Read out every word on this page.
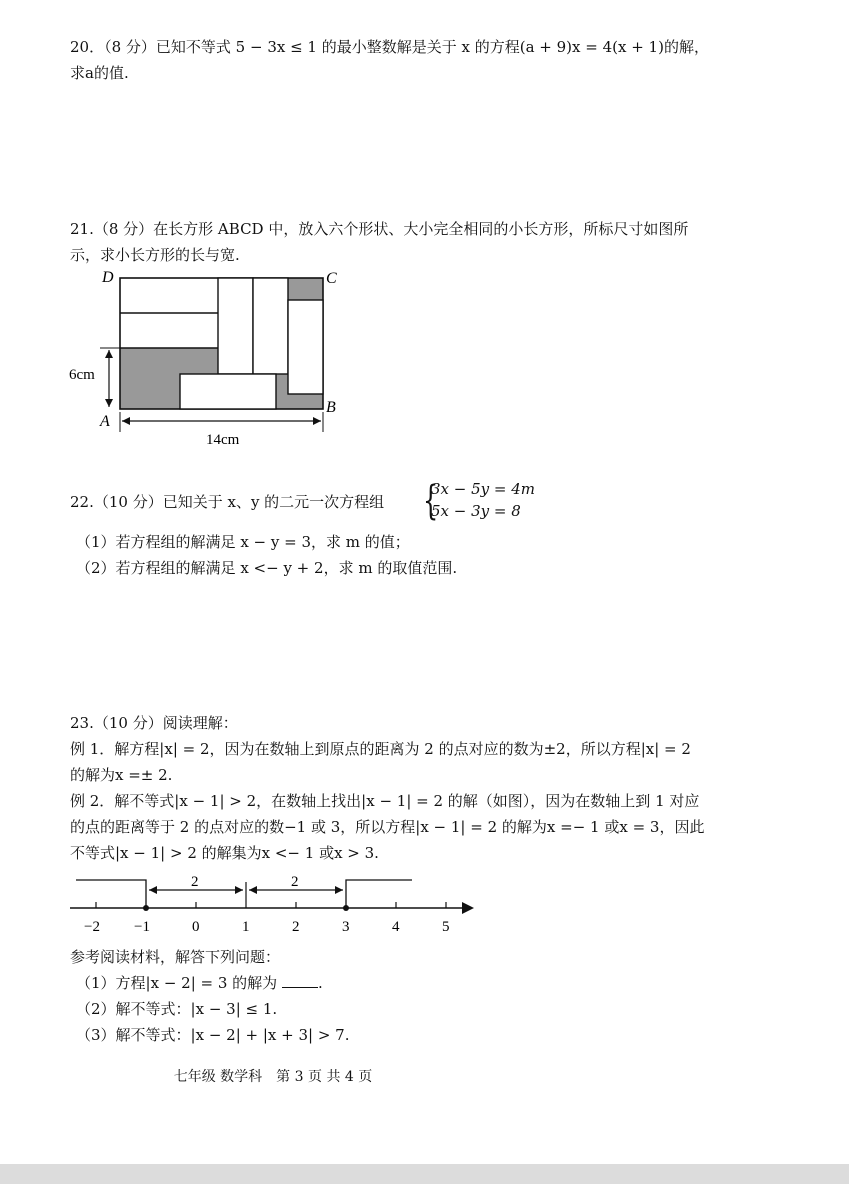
20．（8 分）已知不等式 5 − 3x ≤ 1 的最小整数解是关于 x 的方程(a + 9)x = 4(x + 1)的解，
求a的值.
21.（8 分）在长方形 ABCD 中，放入六个形状、大小完全相同的小长方形，所标尺寸如图所
示，求小长方形的长与宽.
6cm
14cm
D	C
A
B
22.（10 分）已知关于 x、y 的二元一次方程组 {
3x − 5y = 4m
5x − 3y = 8
（1）若方程组的解满足 x − y = 3，求 m 的值；
（2）若方程组的解满足 x <− y + 2，求 m 的取值范围.
23.（10 分）阅读理解：
例 1．解方程|x| = 2，因为在数轴上到原点的距离为 2 的点对应的数为±2，所以方程|x| = 2
的解为x =± 2.
例 2．解不等式|x − 1| > 2，在数轴上找出|x − 1| = 2 的解（如图），因为在数轴上到 1 对应
的点的距离等于 2 的点对应的数−1 或 3，所以方程|x − 1| = 2 的解为x =− 1 或x = 3，因此
不等式|x − 1| > 2 的解集为x <− 1 或x > 3.
2	2
−2 −1	0	1	2	3	4	5
参考阅读材料，解答下列问题：
（1）方程|x − 2| = 3 的解为	.
（2）解不等式：|x − 3| ≤ 1.
（3）解不等式：|x − 2| + |x + 3| > 7.
七年级 数学科　第 3 页 共 4 页
